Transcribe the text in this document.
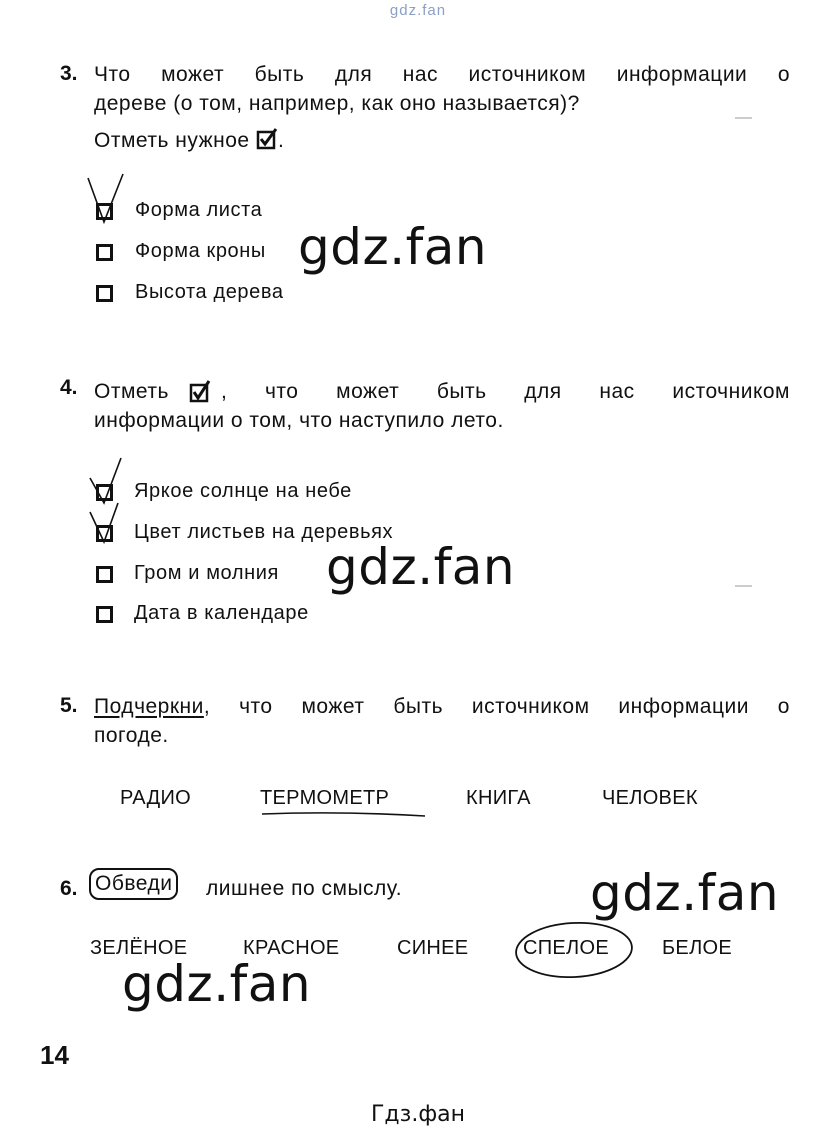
gdz.fan
3. Что может быть для нас источником информации о
дереве (о том, например, как оно называется)?
Отметь нужное .
Форма листа
Форма кроны
Высота дерева
4. Отметь , что может быть для нас источником
информации о том, что наступило лето.
Яркое солнце на небе
Цвет листьев на деревьях
Гром и молния
Дата в календаре
5. Подчеркни , что может быть источником информации о
погоде.
РАДИО	ТЕРМОМЕТР	КНИГА	ЧЕЛОВЕК
6. Обведи лишнее по смыслу.
ЗЕЛЁНОЕ	КРАСНОЕ	СИНЕЕ	СПЕЛОЕ	БЕЛОЕ
gdz.fan
gdz.fan
gdz.fan
gdz.fan
14
Гдз.фан
